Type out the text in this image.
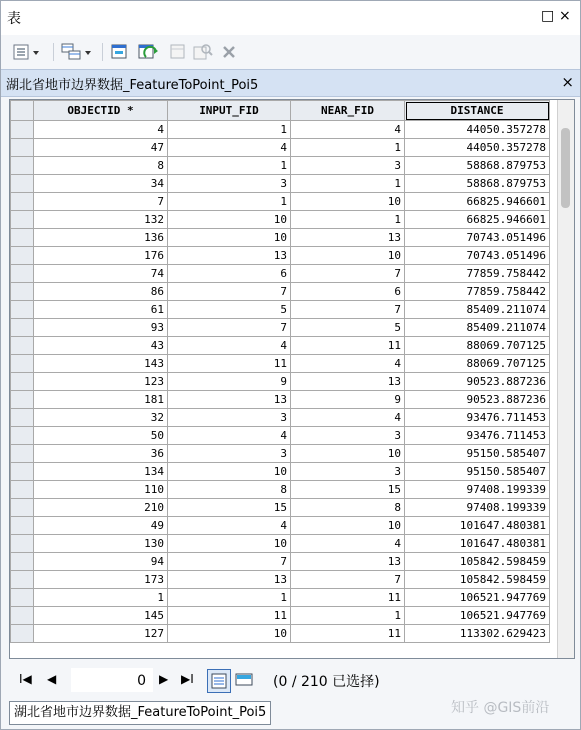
表	□ ×
湖北省地市边界数据_FeatureToPoint_Poi5	×
	OBJECTID *	INPUT_FID	NEAR_FID	DISTANCE
	4	1	4	44050.357278
	47	4	1	44050.357278
	8	1	3	58868.879753
	34	3	1	58868.879753
	7	1	10	66825.946601
	132	10	1	66825.946601
	136	10	13	70743.051496
	176	13	10	70743.051496
	74	6	7	77859.758442
	86	7	6	77859.758442
	61	5	7	85409.211074
	93	7	5	85409.211074
	43	4	11	88069.707125
	143	11	4	88069.707125
	123	9	13	90523.887236
	181	13	9	90523.887236
	32	3	4	93476.711453
	50	4	3	93476.711453
	36	3	10	95150.585407
	134	10	3	95150.585407
	110	8	15	97408.199339
	210	15	8	97408.199339
	49	4	10	101647.480381
	130	10	4	101647.480381
	94	7	13	105842.598459
	173	13	7	105842.598459
	1	1	11	106521.947769
	145	11	1	106521.947769
	127	10	11	113302.629423
I◀ ◀	0	▶ ▶I	(0 / 210 已选择)
湖北省地市边界数据_FeatureToPoint_Poi5	知乎 @GIS前沿
